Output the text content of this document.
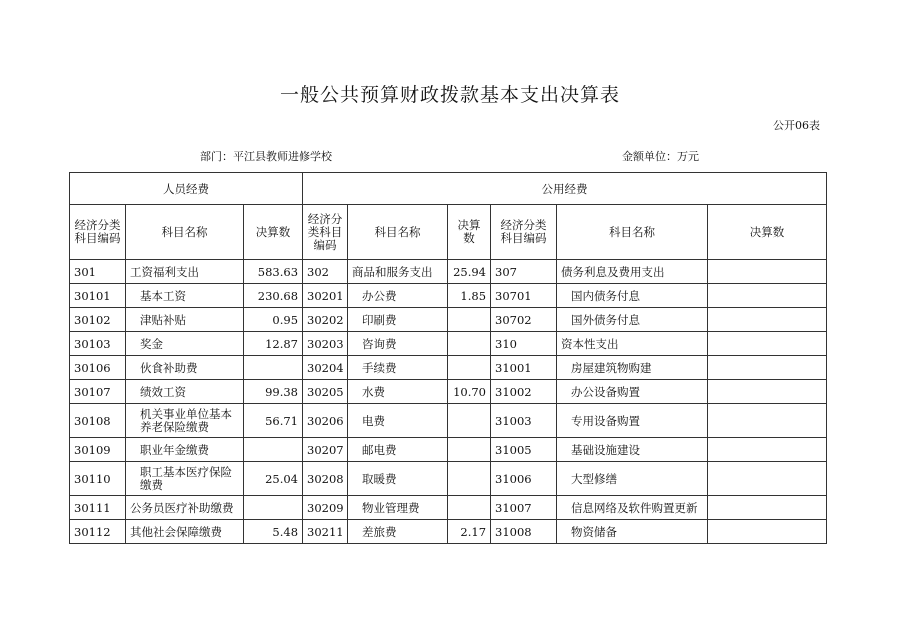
一般公共预算财政拨款基本支出决算表
公开06表
部门：平江县教师进修学校	金额单位：万元
人员经费			公用经费					
经济分类科目编码	科目名称	决算数	经济分类科目编码	科目名称	决算数	经济分类科目编码	科目名称	决算数
301	工资福利支出	583.63	302	商品和服务支出	25.94	307	债务利息及费用支出	
30101	基本工资	230.68	30201	办公费	1.85	30701	国内债务付息	
30102	津贴补贴	0.95	30202	印刷费		30702	国外债务付息	
30103	奖金	12.87	30203	咨询费		310	资本性支出	
30106	伙食补助费		30204	手续费		31001	房屋建筑物购建	
30107	绩效工资	99.38	30205	水费	10.70	31002	办公设备购置	
30108	机关事业单位基本养老保险缴费	56.71	30206	电费		31003	专用设备购置	
30109	职业年金缴费		30207	邮电费		31005	基础设施建设	
30110	职工基本医疗保险缴费	25.04	30208	取暖费		31006	大型修缮	
30111	公务员医疗补助缴费		30209	物业管理费		31007	信息网络及软件购置更新	
30112	其他社会保障缴费	5.48	30211	差旅费	2.17	31008	物资储备	
